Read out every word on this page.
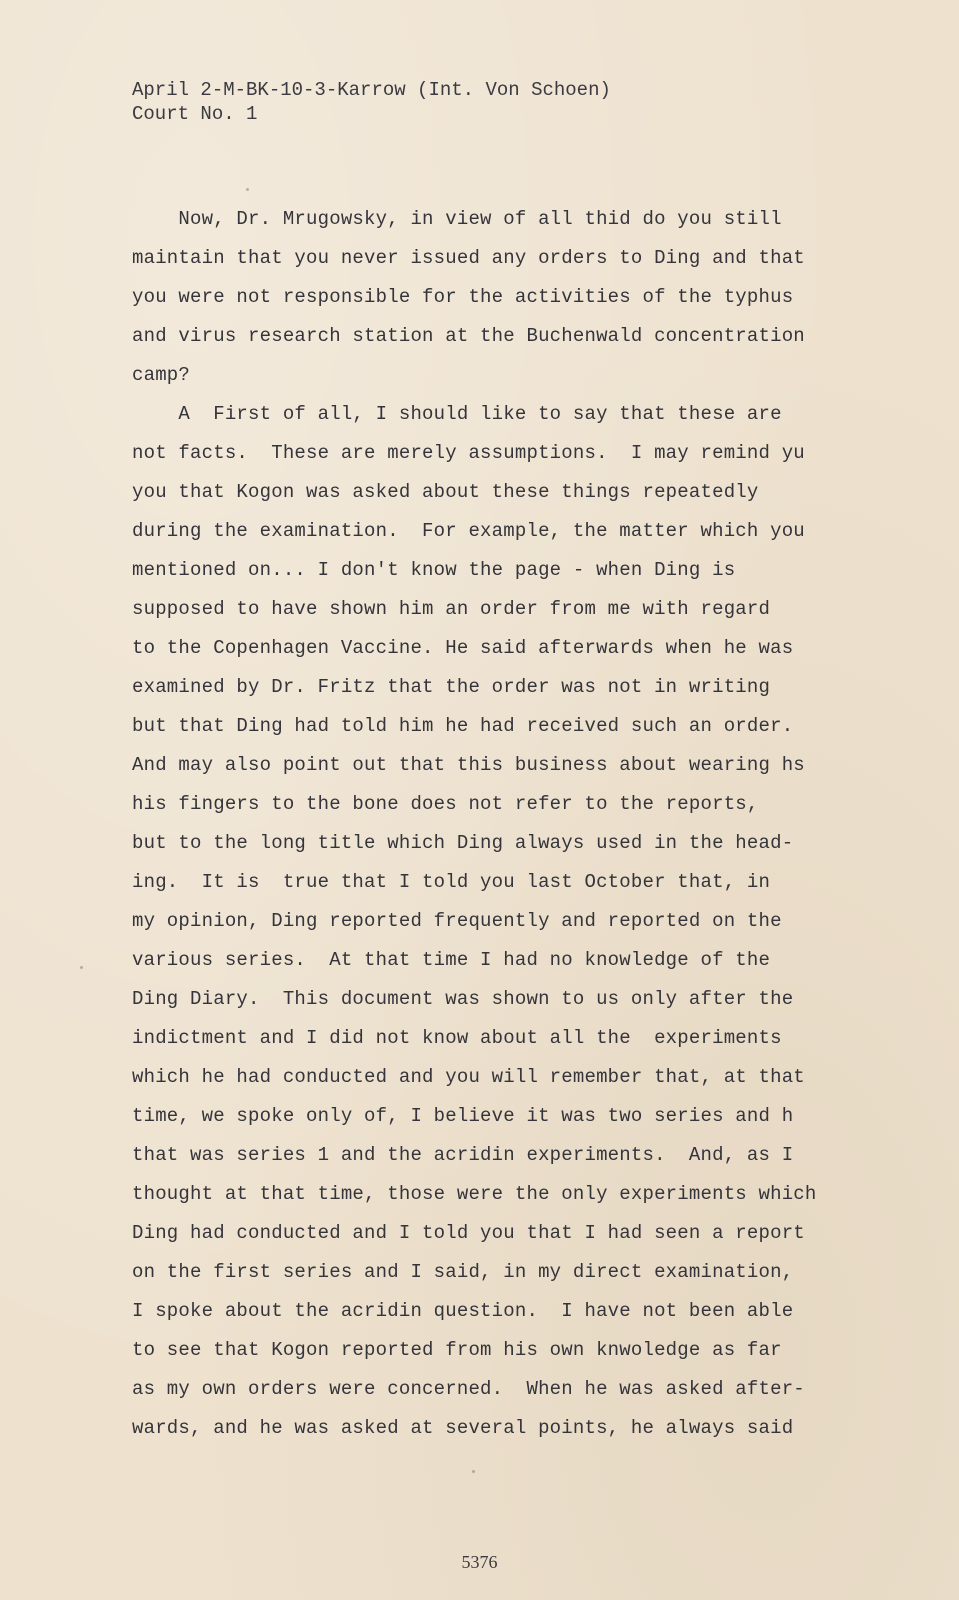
April 2-M-BK-10-3-Karrow (Int. Von Schoen)
Court No. 1
Now, Dr. Mrugowsky, in view of all thid do you still
maintain that you never issued any orders to Ding and that
you were not responsible for the activities of the typhus
and virus research station at the Buchenwald concentration
camp?
A  First of all, I should like to say that these are
not facts.  These are merely assumptions.  I may remind yu
you that Kogon was asked about these things repeatedly
during the examination.  For example, the matter which you
mentioned on... I don't know the page - when Ding is
supposed to have shown him an order from me with regard
to the Copenhagen Vaccine. He said afterwards when he was
examined by Dr. Fritz that the order was not in writing
but that Ding had told him he had received such an order.
And may also point out that this business about wearing hs
his fingers to the bone does not refer to the reports,
but to the long title which Ding always used in the head-
ing.  It is  true that I told you last October that, in
my opinion, Ding reported frequently and reported on the
various series.  At that time I had no knowledge of the
Ding Diary.  This document was shown to us only after the
indictment and I did not know about all the  experiments
which he had conducted and you will remember that, at that
time, we spoke only of, I believe it was two series and h
that was series 1 and the acridin experiments.  And, as I
thought at that time, those were the only experiments which
Ding had conducted and I told you that I had seen a report
on the first series and I said, in my direct examination,
I spoke about the acridin question.  I have not been able
to see that Kogon reported from his own knwoledge as far
as my own orders were concerned.  When he was asked after-
wards, and he was asked at several points, he always said
5376
